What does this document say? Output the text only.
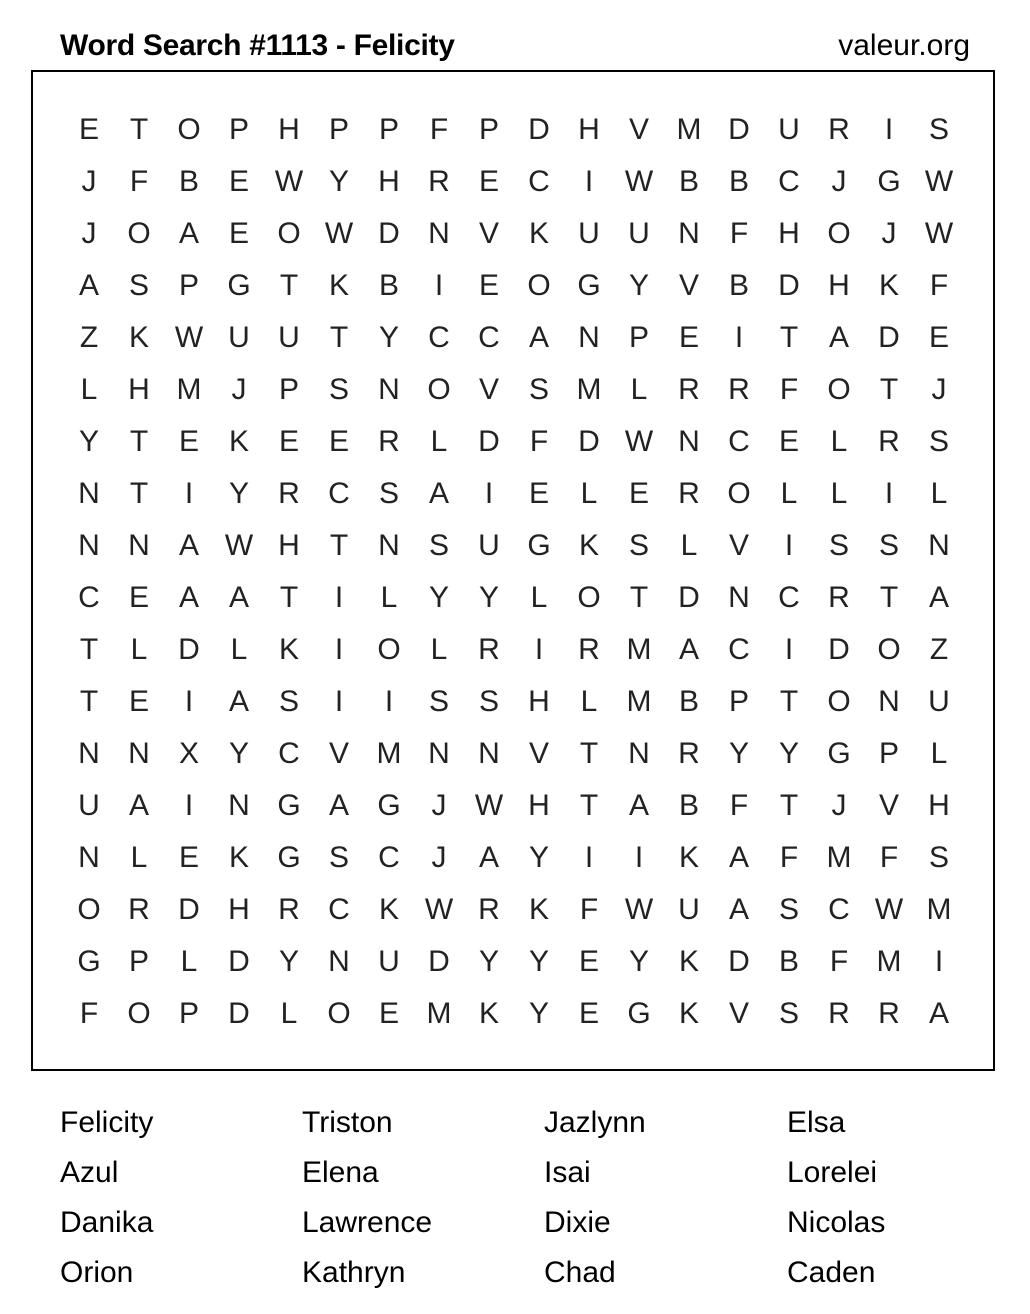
Word Search #1113 - Felicity	valeur.org
E	T O P H P P	F	P D H V M D U R	I	S
J	F	B E W Y H R E C	I	W B B C	J	G W
J	O A E O W D N V K U U N	F	H O	J W
A S P G T	K B	I	E O G Y V B D H K	F
Z	K W U U	T	Y C C A N P E	I	T	A D E
L	H M	J	P S N O V S M L	R R	F O T	J
Y	T	E K E E R	L	D	F	D W N C E	L	R S
N	T	I	Y R C S A	I	E	L	E R O L	L	I	L
N N A W H	T	N S U G K S	L	V	I	S S N
C E A A	T	I	L	Y Y	L O T	D N C R	T	A
T	L	D	L	K	I	O L	R	I	R M A C	I	D O Z
T	E	I	A S	I	I	S S H	L M B P	T O N U
N N X Y C V M N N V	T	N R Y Y G P	L
U A	I	N G A G	J W H	T	A B	F	T	J	V H
N	L	E K G S C	J	A Y	I	I	K A	F M F	S
O R D H R C K W R K	F W U A S C W M
G P	L	D Y N U D Y Y E Y K D B	F M	I
F O P D	L O E M K Y E G K V S R R A
Felicity	Triston	Jazlynn	Elsa
Azul	Elena	Isai	Lorelei
Danika	Lawrence	Dixie	Nicolas
Orion	Kathryn	Chad	Caden
